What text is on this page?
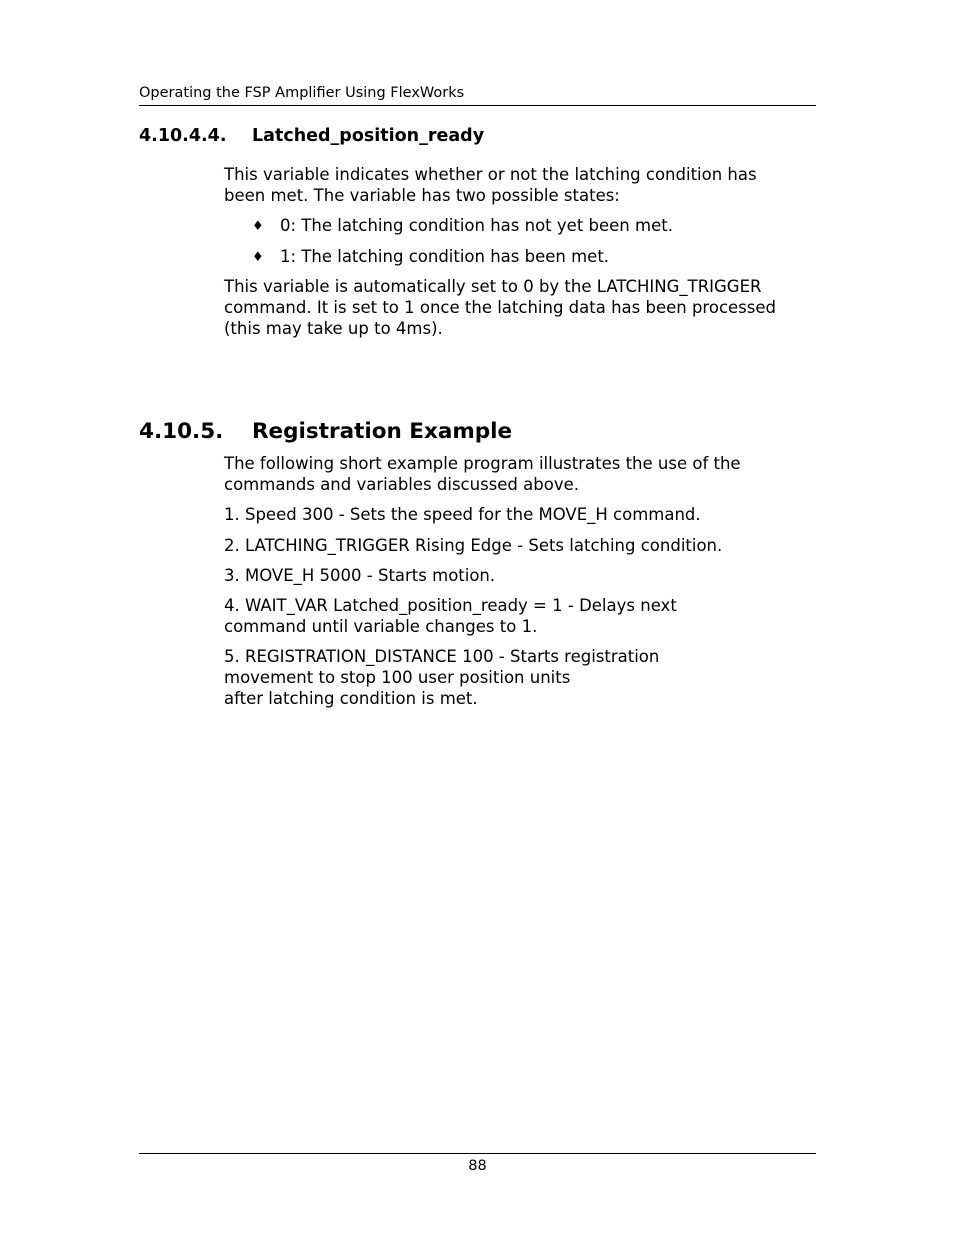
Operating the FSP Amplifier Using FlexWorks
4.10.4.4. Latched_position_ready

This variable indicates whether or not the latching condition has
been met. The variable has two possible states:

♦ 0: The latching condition has not yet been met.
♦ 1: The latching condition has been met.

This variable is automatically set to 0 by the LATCHING_TRIGGER
command. It is set to 1 once the latching data has been processed
(this may take up to 4ms).

4.10.5. Registration Example

The following short example program illustrates the use of the
commands and variables discussed above.

1. Speed 300 - Sets the speed for the MOVE_H command.

2. LATCHING_TRIGGER Rising Edge - Sets latching condition.

3. MOVE_H 5000 - Starts motion.

4. WAIT_VAR Latched_position_ready = 1 - Delays next
command until variable changes to 1.

5. REGISTRATION_DISTANCE 100 - Starts registration
movement to stop 100 user position units
after latching condition is met.

88
